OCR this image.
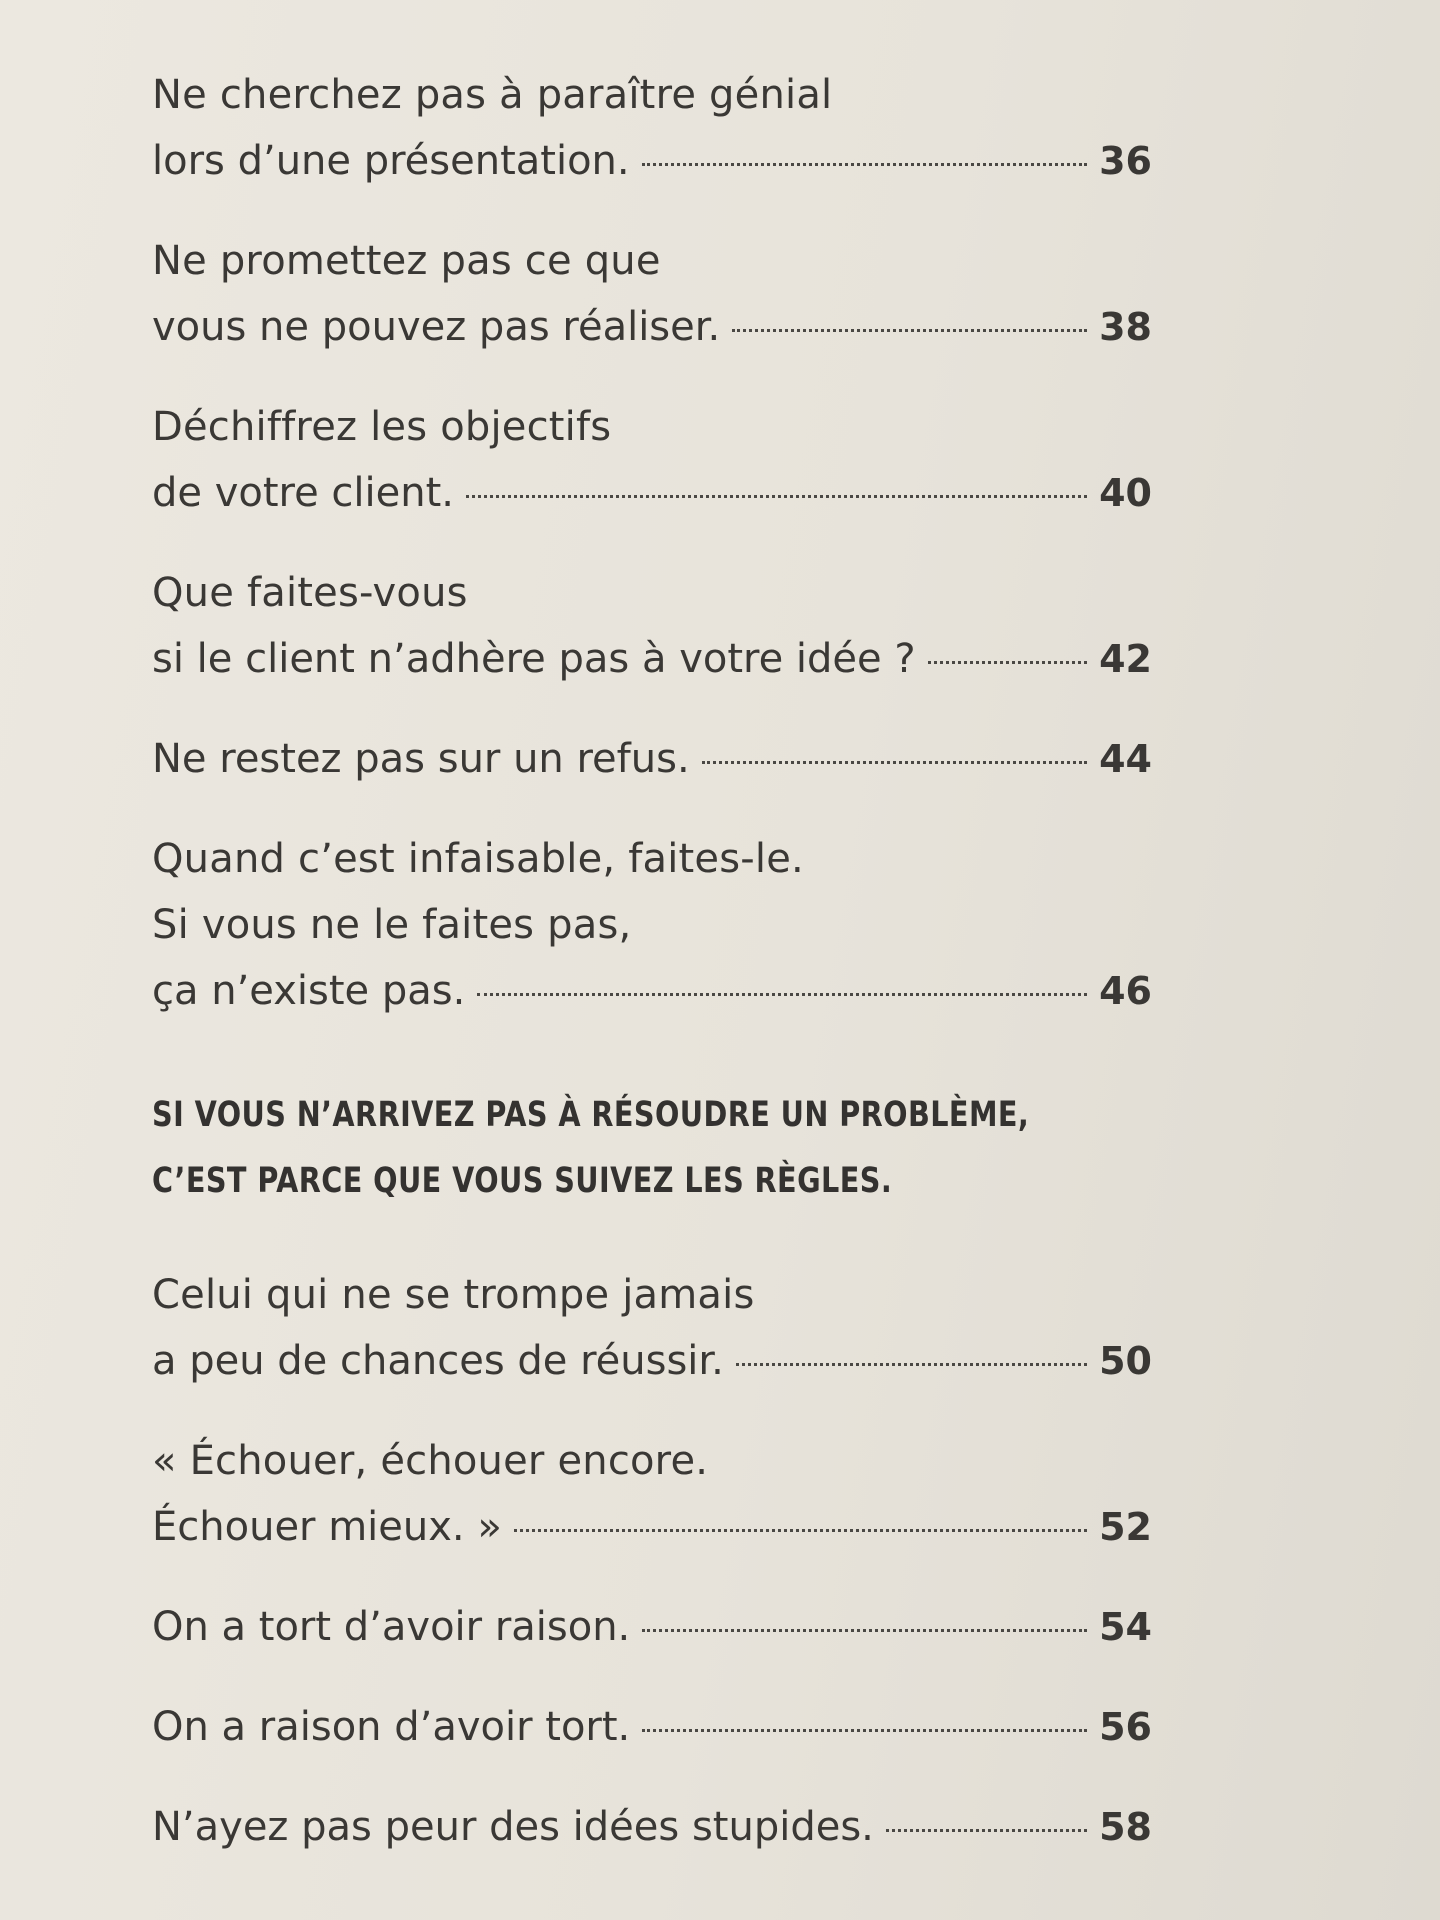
Ne cherchez pas à paraître génial
lors d’une présentation.	36
Ne promettez pas ce que
vous ne pouvez pas réaliser.	38
Déchiffrez les objectifs
de votre client.	40
Que faites-vous
si le client n’adhère pas à votre idée ?	42
Ne restez pas sur un refus.	44
Quand c’est infaisable, faites-le.
Si vous ne le faites pas,
ça n’existe pas.	46
SI VOUS N’ARRIVEZ PAS À RÉSOUDRE UN PROBLÈME,
C’EST PARCE QUE VOUS SUIVEZ LES RÈGLES.
Celui qui ne se trompe jamais
a peu de chances de réussir.	50
« Échouer, échouer encore.
Échouer mieux. »	52
On a tort d’avoir raison.	54
On a raison d’avoir tort.	56
N’ayez pas peur des idées stupides.	58
